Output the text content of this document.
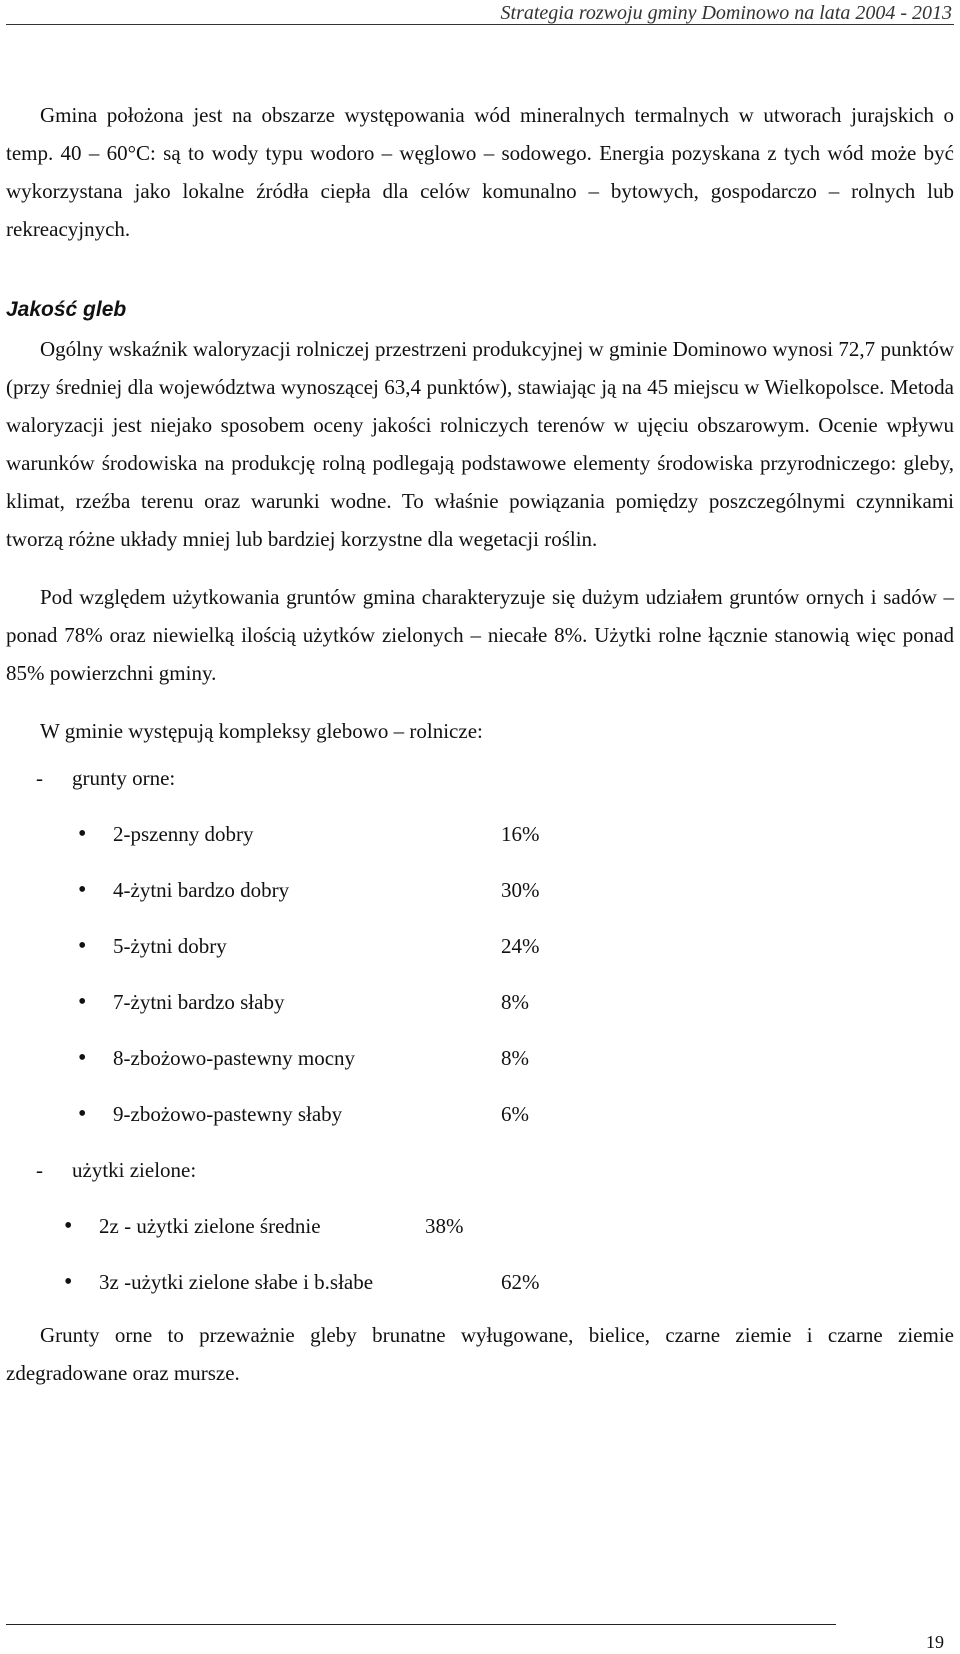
Strategia rozwoju gminy Dominowo na lata 2004 - 2013

Gmina położona jest na obszarze występowania wód mineralnych termalnych w utworach jurajskich o temp. 40 – 60°C: są to wody typu wodoro – węglowo – sodowego. Energia pozyskana z tych wód może być wykorzystana jako lokalne źródła ciepła dla celów komunalno – bytowych, gospodarczo – rolnych lub rekreacyjnych.

Jakość gleb

Ogólny wskaźnik waloryzacji rolniczej przestrzeni produkcyjnej w gminie Dominowo wynosi 72,7 punktów (przy średniej dla województwa wynoszącej 63,4 punktów), stawiając ją na 45 miejscu w Wielkopolsce. Metoda waloryzacji jest niejako sposobem oceny jakości rolniczych terenów w ujęciu obszarowym. Ocenie wpływu warunków środowiska na produkcję rolną podlegają podstawowe elementy środowiska przyrodniczego: gleby, klimat, rzeźba terenu oraz warunki wodne. To właśnie powiązania pomiędzy poszczególnymi czynnikami tworzą różne układy mniej lub bardziej korzystne dla wegetacji roślin.

Pod względem użytkowania gruntów gmina charakteryzuje się dużym udziałem gruntów ornych i sadów – ponad 78% oraz niewielką ilością użytków zielonych – niecałe 8%. Użytki rolne łącznie stanowią więc ponad 85% powierzchni gminy.

W gminie występują kompleksy glebowo – rolnicze:

-	grunty orne:
•	2-pszenny dobry	16%
•	4-żytni bardzo dobry	30%
•	5-żytni dobry	24%
•	7-żytni bardzo słaby	8%
•	8-zbożowo-pastewny mocny	8%
•	9-zbożowo-pastewny słaby	6%
-	użytki zielone:
•	2z - użytki zielone średnie	38%
•	3z -użytki zielone słabe i b.słabe	62%

Grunty orne to przeważnie gleby brunatne wyługowane, bielice, czarne ziemie i czarne ziemie zdegradowane oraz mursze.

19
